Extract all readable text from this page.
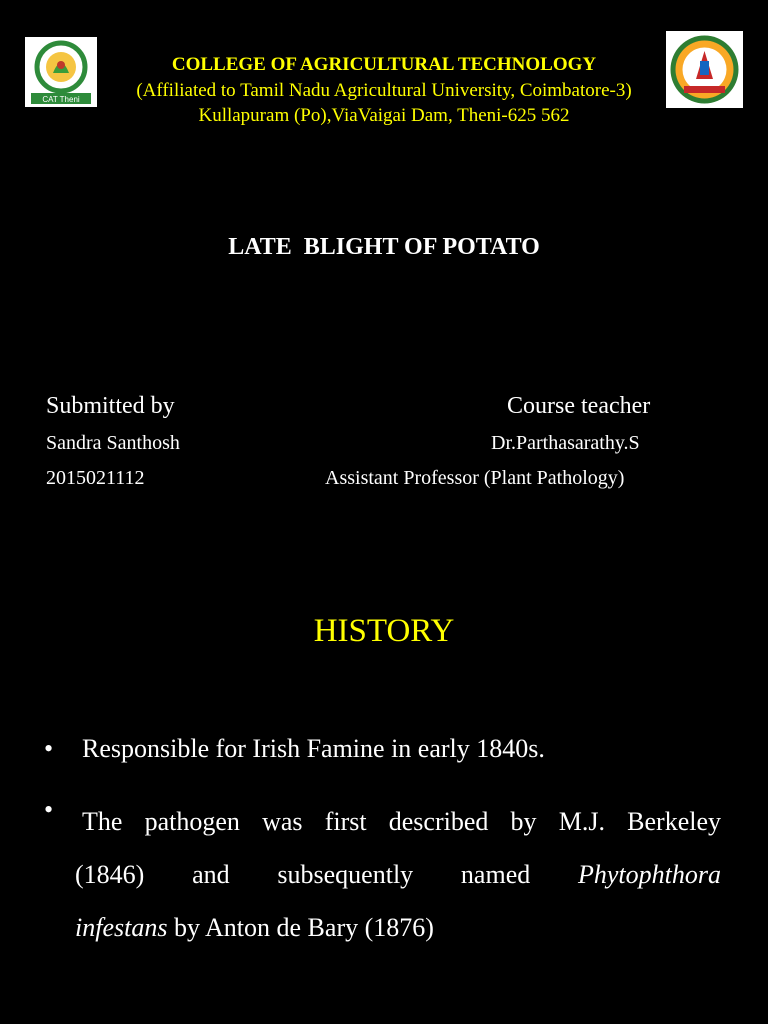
CAT Theni
COLLEGE OF AGRICULTURAL TECHNOLOGY
(Affiliated to Tamil Nadu Agricultural University, Coimbatore-3)
Kullapuram (Po),ViaVaigai Dam, Theni-625 562
LATE  BLIGHT OF POTATO
Submitted by
Sandra Santhosh
2015021112
Course teacher
Dr.Parthasarathy.S
Assistant Professor (Plant Pathology)
HISTORY
• Responsible for Irish Famine in early 1840s.
• The pathogen was first described by M.J. Berkeley
(1846) and subsequently named Phytophthora
infestans by Anton de Bary (1876)
